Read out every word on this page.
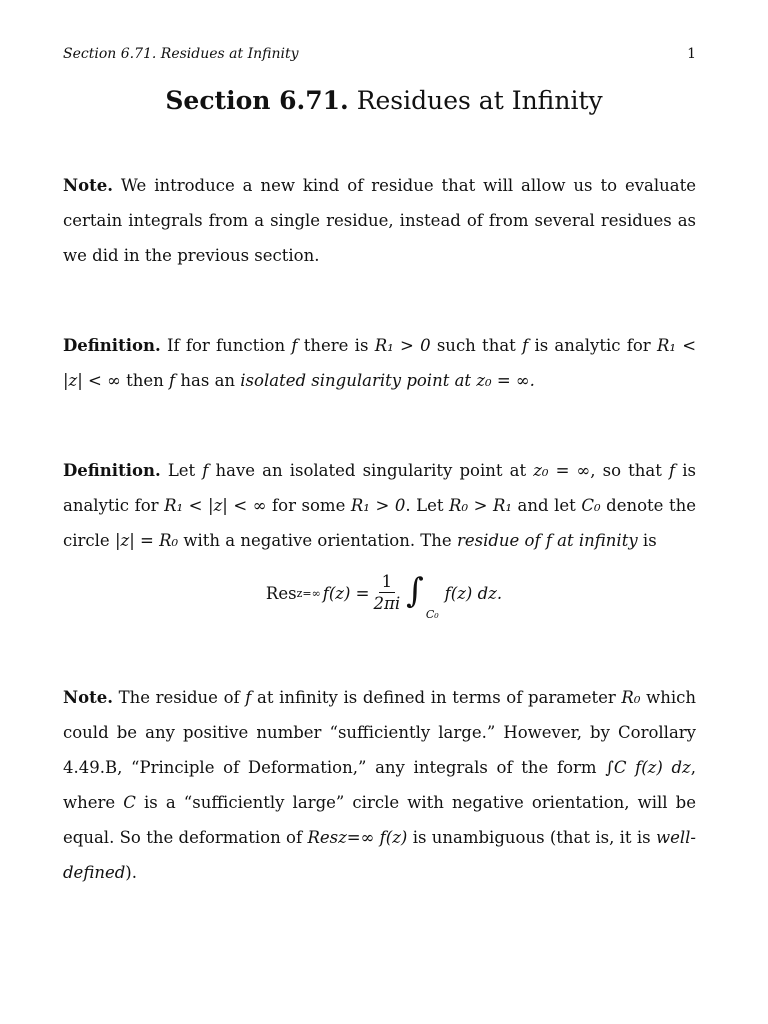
Section 6.71. Residues at Infinity	1
Section 6.71. Residues at Infinity
Note. We introduce a new kind of residue that will allow us to evaluate certain integrals from a single residue, instead of from several residues as we did in the previous section.
Definition. If for function f there is R₁ > 0 such that f is analytic for R₁ < |z| < ∞ then f has an isolated singularity point at z₀ = ∞.
Definition. Let f have an isolated singularity point at z₀ = ∞, so that f is analytic for R₁ < |z| < ∞ for some R₁ > 0. Let R₀ > R₁ and let C₀ denote the circle |z| = R₀ with a negative orientation. The residue of f at infinity is
Res z=∞ $f(z) = \frac{1}{2\pi i}$ ∫
C₀
f(z) dz.
Note. The residue of f at infinity is defined in terms of parameter R₀ which could be any positive number “sufficiently large.” However, by Corollary 4.49.B, “Principle of Deformation,” any integrals of the form ∫C f(z) dz, where C is a “sufficiently large” circle with negative orientation, will be equal. So the deformation of Resz=∞ f(z) is unambiguous (that is, it is well-defined).
